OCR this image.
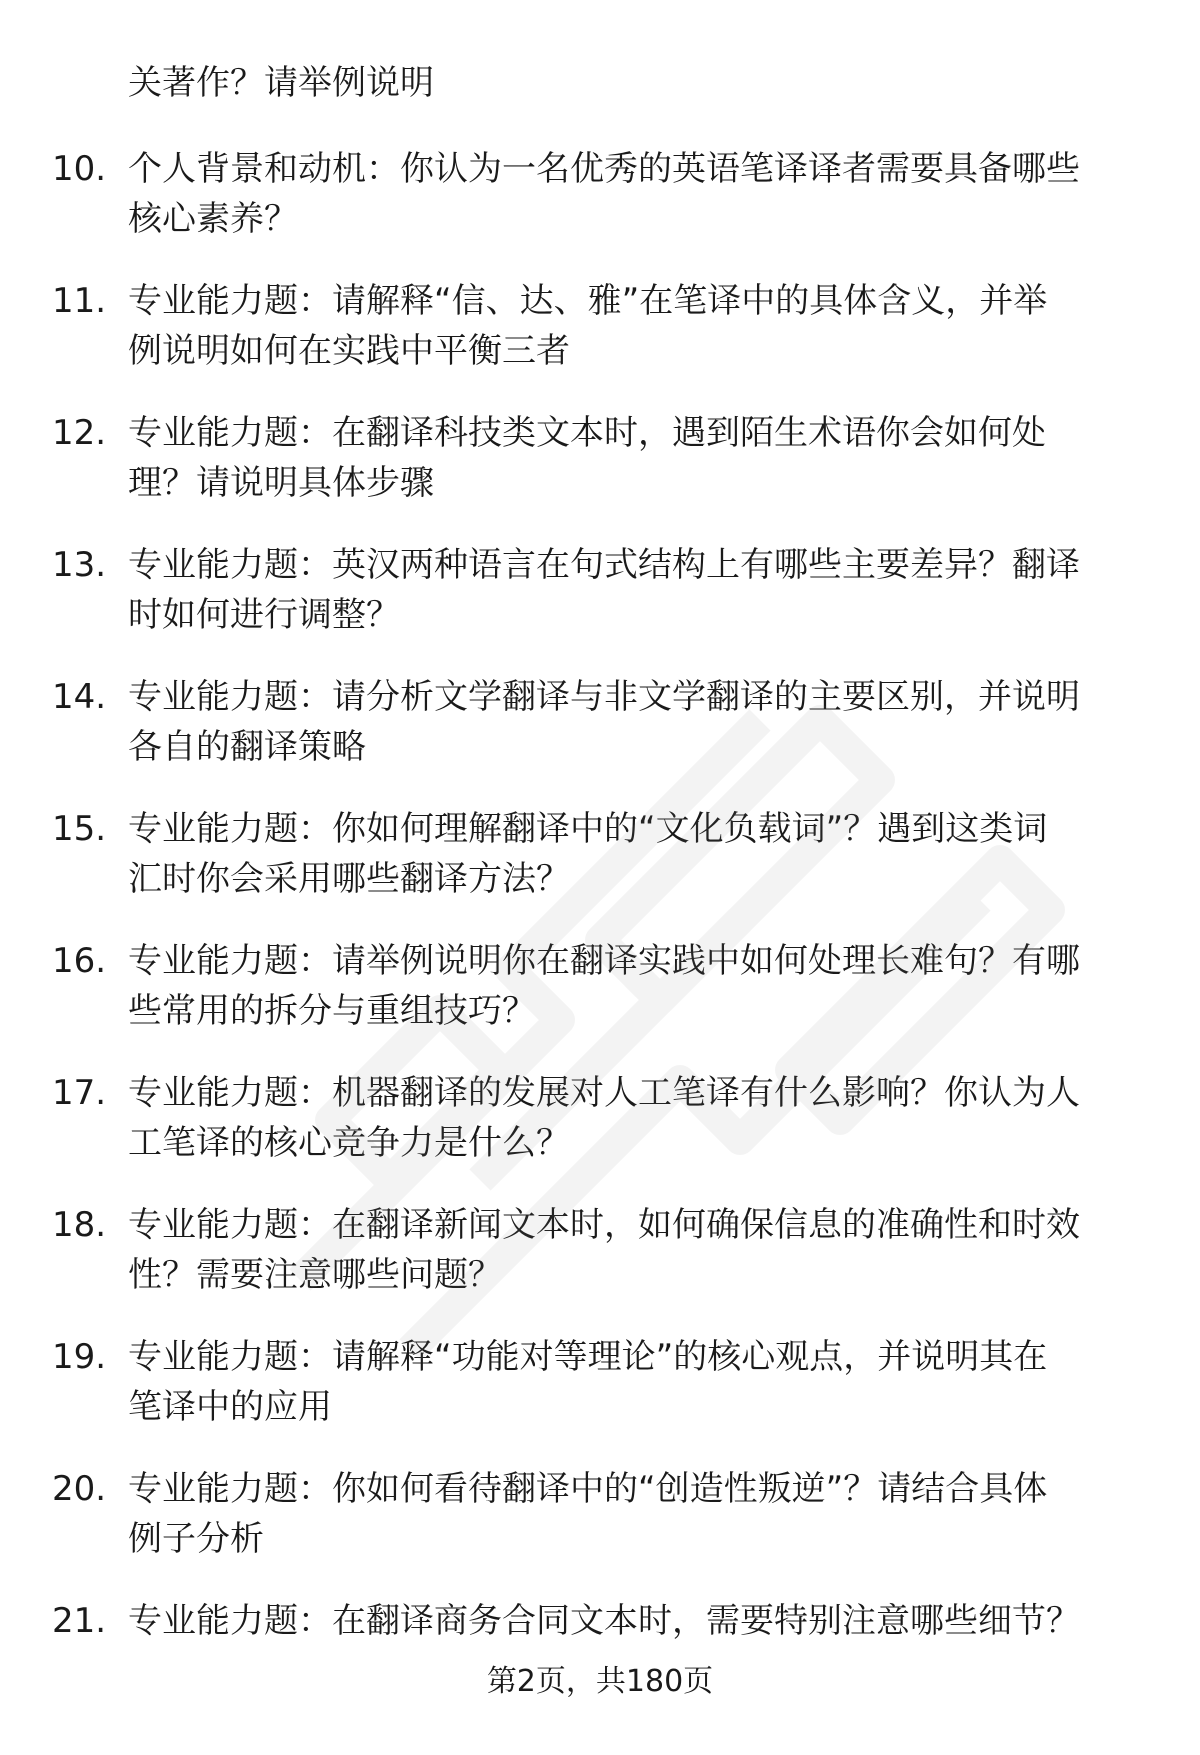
关著作？请举例说明
10. 个人背景和动机：你认为一名优秀的英语笔译译者需要具备哪些
核心素养？
11. 专业能力题：请解释“信、达、雅”在笔译中的具体含义，并举
例说明如何在实践中平衡三者
12. 专业能力题：在翻译科技类文本时，遇到陌生术语你会如何处
理？请说明具体步骤
13. 专业能力题：英汉两种语言在句式结构上有哪些主要差异？翻译
时如何进行调整？
14. 专业能力题：请分析文学翻译与非文学翻译的主要区别，并说明
各自的翻译策略
15. 专业能力题：你如何理解翻译中的“文化负载词”？遇到这类词
汇时你会采用哪些翻译方法？
16. 专业能力题：请举例说明你在翻译实践中如何处理长难句？有哪
些常用的拆分与重组技巧？
17. 专业能力题：机器翻译的发展对人工笔译有什么影响？你认为人
工笔译的核心竞争力是什么？
18. 专业能力题：在翻译新闻文本时，如何确保信息的准确性和时效
性？需要注意哪些问题？
19. 专业能力题：请解释“功能对等理论”的核心观点，并说明其在
笔译中的应用
20. 专业能力题：你如何看待翻译中的“创造性叛逆”？请结合具体
例子分析
21. 专业能力题：在翻译商务合同文本时，需要特别注意哪些细节？
第2页，共180页
